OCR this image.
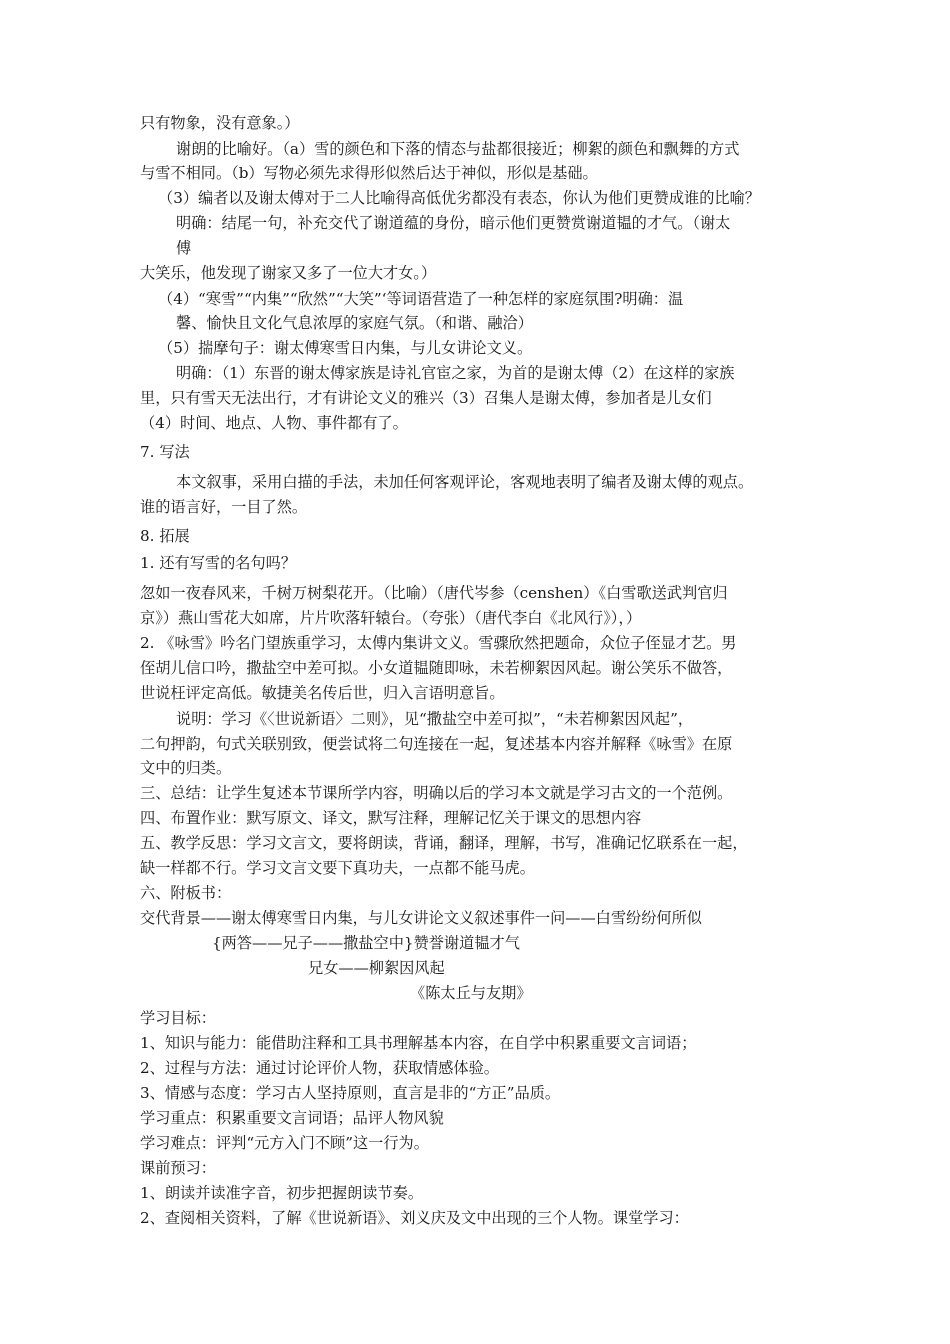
只有物象，没有意象。）
谢朗的比喻好。（a）雪的颜色和下落的情态与盐都很接近；柳絮的颜色和飘舞的方式
与雪不相同。（b）写物必须先求得形似然后达于神似，形似是基础。
（3）编者以及谢太傅对于二人比喻得高低优劣都没有表态，你认为他们更赞成谁的比喻？
明确：结尾一句，补充交代了谢道蕴的身份，暗示他们更赞赏谢道韫的才气。（谢太
傅
大笑乐，他发现了谢家又多了一位大才女。）
（4）“寒雪”“内集”“欣然”“大笑”‘等词语营造了一种怎样的家庭氛围?明确：温
馨、愉快且文化气息浓厚的家庭气氛。（和谐、融洽）
（5）揣摩句子：谢太傅寒雪日内集，与儿女讲论文义。
明确：（1）东晋的谢太傅家族是诗礼官宦之家，为首的是谢太傅（2）在这样的家族
里，只有雪天无法出行，才有讲论文义的雅兴（3）召集人是谢太傅，参加者是儿女们
（4）时间、地点、人物、事件都有了。
7. 写法
本文叙事，采用白描的手法，未加任何客观评论，客观地表明了编者及谢太傅的观点。
谁的语言好，一目了然。
8. 拓展
1. 还有写雪的名句吗？
忽如一夜春风来，千树万树梨花开。（比喻）（唐代岑参（censhen）《白雪歌送武判官归
京》）燕山雪花大如席，片片吹落轩辕台。（夸张）（唐代李白《北风行》），）
2. 《咏雪》吟名门望族重学习，太傅内集讲文义。雪骤欣然把题命，众位子侄显才艺。男
侄胡儿信口吟，撒盐空中差可拟。小女道韫随即咏，未若柳絮因风起。谢公笑乐不做答，
世说枉评定高低。敏捷美名传后世，归入言语明意旨。
说明：学习《〈世说新语〉二则》，见“撒盐空中差可拟”，“未若柳絮因风起”，
二句押韵，句式关联别致，便尝试将二句连接在一起，复述基本内容并解释《咏雪》在原
文中的归类。
三、总结：让学生复述本节课所学内容，明确以后的学习本文就是学习古文的一个范例。
四、布置作业：默写原文、译文，默写注释，理解记忆关于课文的思想内容
五、教学反思：学习文言文，要将朗读，背诵，翻译，理解，书写，准确记忆联系在一起，
缺一样都不行。学习文言文要下真功夫，一点都不能马虎。
六、附板书：
交代背景——谢太傅寒雪日内集，与儿女讲论文义叙述事件一问——白雪纷纷何所似
{两答——兄子——撒盐空中}赞誉谢道韫才气
兄女——柳絮因风起
《陈太丘与友期》
学习目标：
1、知识与能力：能借助注释和工具书理解基本内容，在自学中积累重要文言词语；
2、过程与方法：通过讨论评价人物，获取情感体验。
3、情感与态度：学习古人坚持原则，直言是非的“方正”品质。
学习重点：积累重要文言词语；品评人物风貌
学习难点：评判“元方入门不顾”这一行为。
课前预习：
1、朗读并读准字音，初步把握朗读节奏。
2、查阅相关资料，了解《世说新语》、刘义庆及文中出现的三个人物。课堂学习：
